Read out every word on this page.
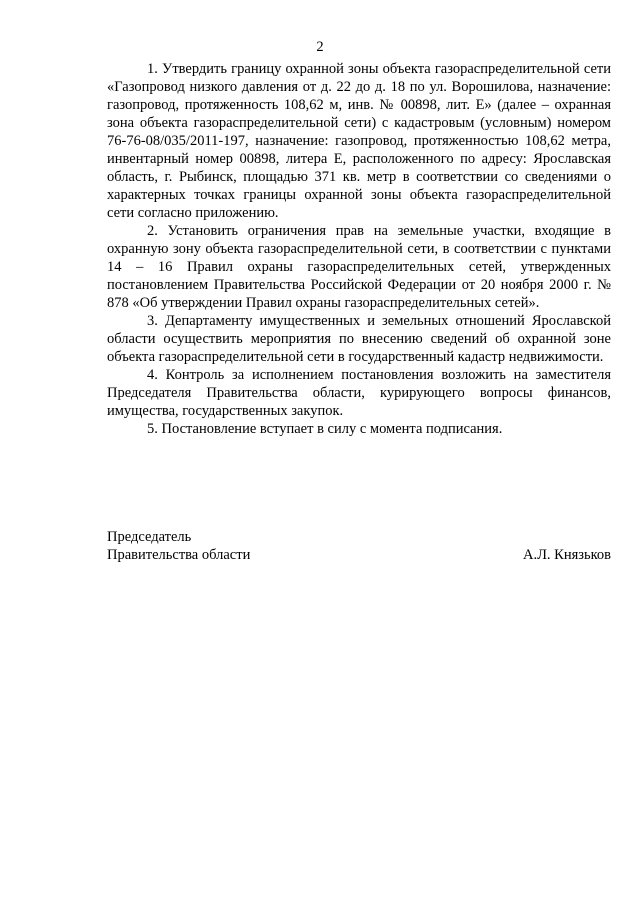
2

1. Утвердить границу охранной зоны объекта газораспределительной сети «Газопровод низкого давления от д. 22 до д. 18 по ул. Ворошилова, назначение: газопровод, протяженность 108,62 м, инв. № 00898, лит. Е» (далее – охранная зона объекта газораспределительной сети) с кадастровым (условным) номером 76-76-08/035/2011-197, назначение: газопровод, протяженностью 108,62 метра, инвентарный номер 00898, литера Е, расположенного по адресу: Ярославская область, г. Рыбинск, площадью 371 кв. метр в соответствии со сведениями о характерных точках границы охранной зоны объекта газораспределительной сети согласно приложению.

2. Установить ограничения прав на земельные участки, входящие в охранную зону объекта газораспределительной сети, в соответствии с пунктами 14 – 16 Правил охраны газораспределительных сетей, утвержденных постановлением Правительства Российской Федерации от 20 ноября 2000 г. № 878 «Об утверждении Правил охраны газораспределительных сетей».

3. Департаменту имущественных и земельных отношений Ярославской области осуществить мероприятия по внесению сведений об охранной зоне объекта газораспределительной сети в государственный кадастр недвижимости.

4. Контроль за исполнением постановления возложить на заместителя Председателя Правительства области, курирующего вопросы финансов, имущества, государственных закупок.

5. Постановление вступает в силу с момента подписания.

Председатель
Правительства области	А.Л. Князьков
